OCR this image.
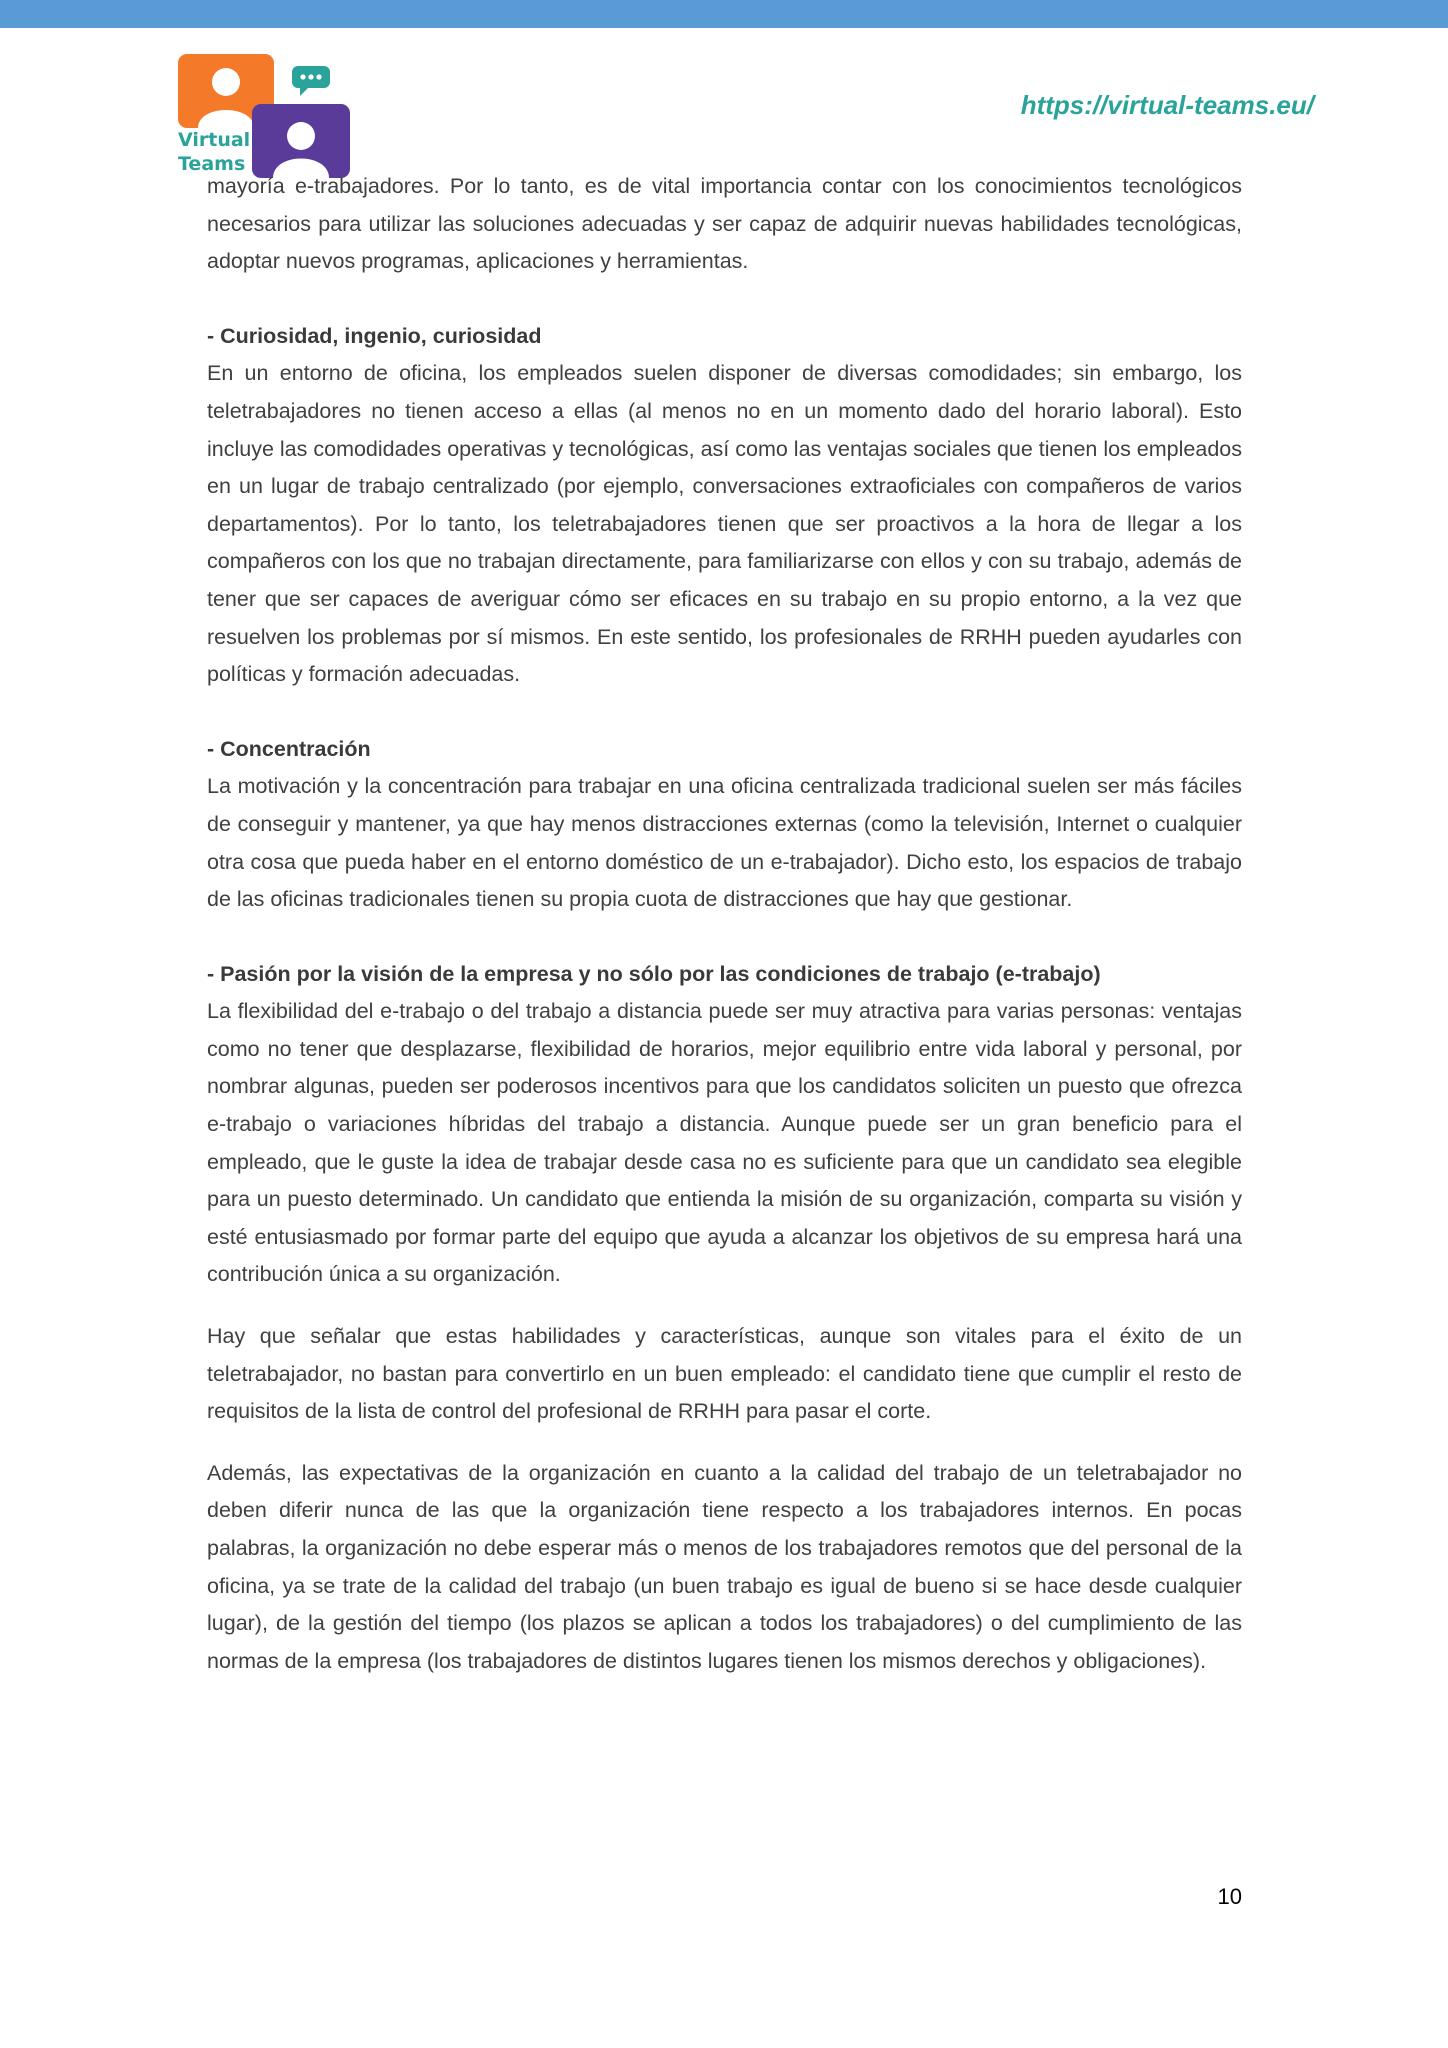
Virtual
Teams
https://virtual-teams.eu/

mayoría e-trabajadores. Por lo tanto, es de vital importancia contar con los conocimientos tecnológicos necesarios para utilizar las soluciones adecuadas y ser capaz de adquirir nuevas habilidades tecnológicas, adoptar nuevos programas, aplicaciones y herramientas.

- Curiosidad, ingenio, curiosidad

En un entorno de oficina, los empleados suelen disponer de diversas comodidades; sin embargo, los teletrabajadores no tienen acceso a ellas (al menos no en un momento dado del horario laboral). Esto incluye las comodidades operativas y tecnológicas, así como las ventajas sociales que tienen los empleados en un lugar de trabajo centralizado (por ejemplo, conversaciones extraoficiales con compañeros de varios departamentos). Por lo tanto, los teletrabajadores tienen que ser proactivos a la hora de llegar a los compañeros con los que no trabajan directamente, para familiarizarse con ellos y con su trabajo, además de tener que ser capaces de averiguar cómo ser eficaces en su trabajo en su propio entorno, a la vez que resuelven los problemas por sí mismos. En este sentido, los profesionales de RRHH pueden ayudarles con políticas y formación adecuadas.

- Concentración

La motivación y la concentración para trabajar en una oficina centralizada tradicional suelen ser más fáciles de conseguir y mantener, ya que hay menos distracciones externas (como la televisión, Internet o cualquier otra cosa que pueda haber en el entorno doméstico de un e-trabajador). Dicho esto, los espacios de trabajo de las oficinas tradicionales tienen su propia cuota de distracciones que hay que gestionar.

- Pasión por la visión de la empresa y no sólo por las condiciones de trabajo (e-trabajo)

La flexibilidad del e-trabajo o del trabajo a distancia puede ser muy atractiva para varias personas: ventajas como no tener que desplazarse, flexibilidad de horarios, mejor equilibrio entre vida laboral y personal, por nombrar algunas, pueden ser poderosos incentivos para que los candidatos soliciten un puesto que ofrezca e-trabajo o variaciones híbridas del trabajo a distancia. Aunque puede ser un gran beneficio para el empleado, que le guste la idea de trabajar desde casa no es suficiente para que un candidato sea elegible para un puesto determinado. Un candidato que entienda la misión de su organización, comparta su visión y esté entusiasmado por formar parte del equipo que ayuda a alcanzar los objetivos de su empresa hará una contribución única a su organización.

Hay que señalar que estas habilidades y características, aunque son vitales para el éxito de un teletrabajador, no bastan para convertirlo en un buen empleado: el candidato tiene que cumplir el resto de requisitos de la lista de control del profesional de RRHH para pasar el corte.

Además, las expectativas de la organización en cuanto a la calidad del trabajo de un teletrabajador no deben diferir nunca de las que la organización tiene respecto a los trabajadores internos. En pocas palabras, la organización no debe esperar más o menos de los trabajadores remotos que del personal de la oficina, ya se trate de la calidad del trabajo (un buen trabajo es igual de bueno si se hace desde cualquier lugar), de la gestión del tiempo (los plazos se aplican a todos los trabajadores) o del cumplimiento de las normas de la empresa (los trabajadores de distintos lugares tienen los mismos derechos y obligaciones).

10
